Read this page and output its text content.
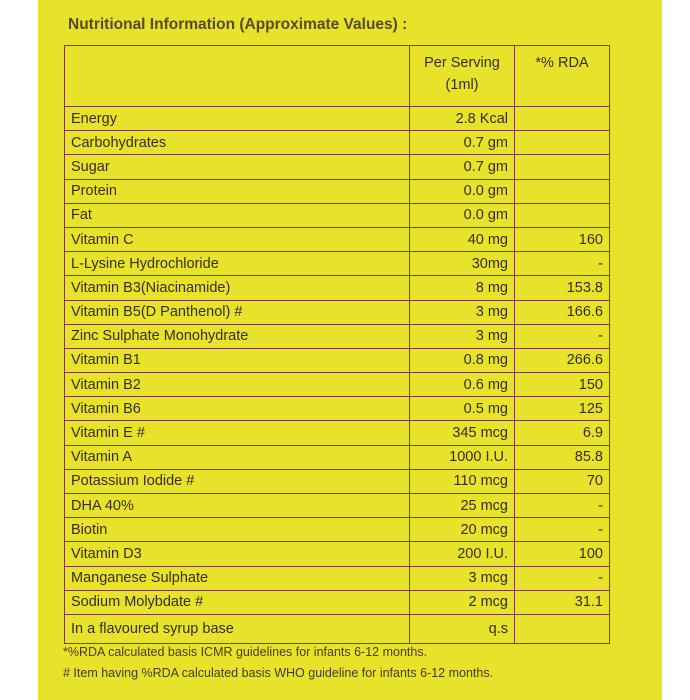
Nutritional Information (Approximate Values) :
	Per Serving (1ml)	*% RDA
Energy	2.8 Kcal	
Carbohydrates	0.7 gm	
Sugar	0.7 gm	
Protein	0.0 gm	
Fat	0.0 gm	
Vitamin C	40 mg	160
L-Lysine Hydrochloride	30mg	-
Vitamin B3(Niacinamide)	8 mg	153.8
Vitamin B5(D Panthenol) #	3 mg	166.6
Zinc Sulphate Monohydrate	3 mg	-
Vitamin B1	0.8 mg	266.6
Vitamin B2	0.6 mg	150
Vitamin B6	0.5 mg	125
Vitamin E #	345 mcg	6.9
Vitamin A	1000 I.U.	85.8
Potassium Iodide #	110 mcg	70
DHA 40%	25 mcg	-
Biotin	20 mcg	-
Vitamin D3	200 I.U.	100
Manganese Sulphate	3 mcg	-
Sodium Molybdate #	2 mcg	31.1
In a flavoured syrup base	q.s	
*%RDA calculated basis ICMR guidelines for infants 6-12 months.
# Item having %RDA calculated basis WHO guideline for infants 6-12 months.
